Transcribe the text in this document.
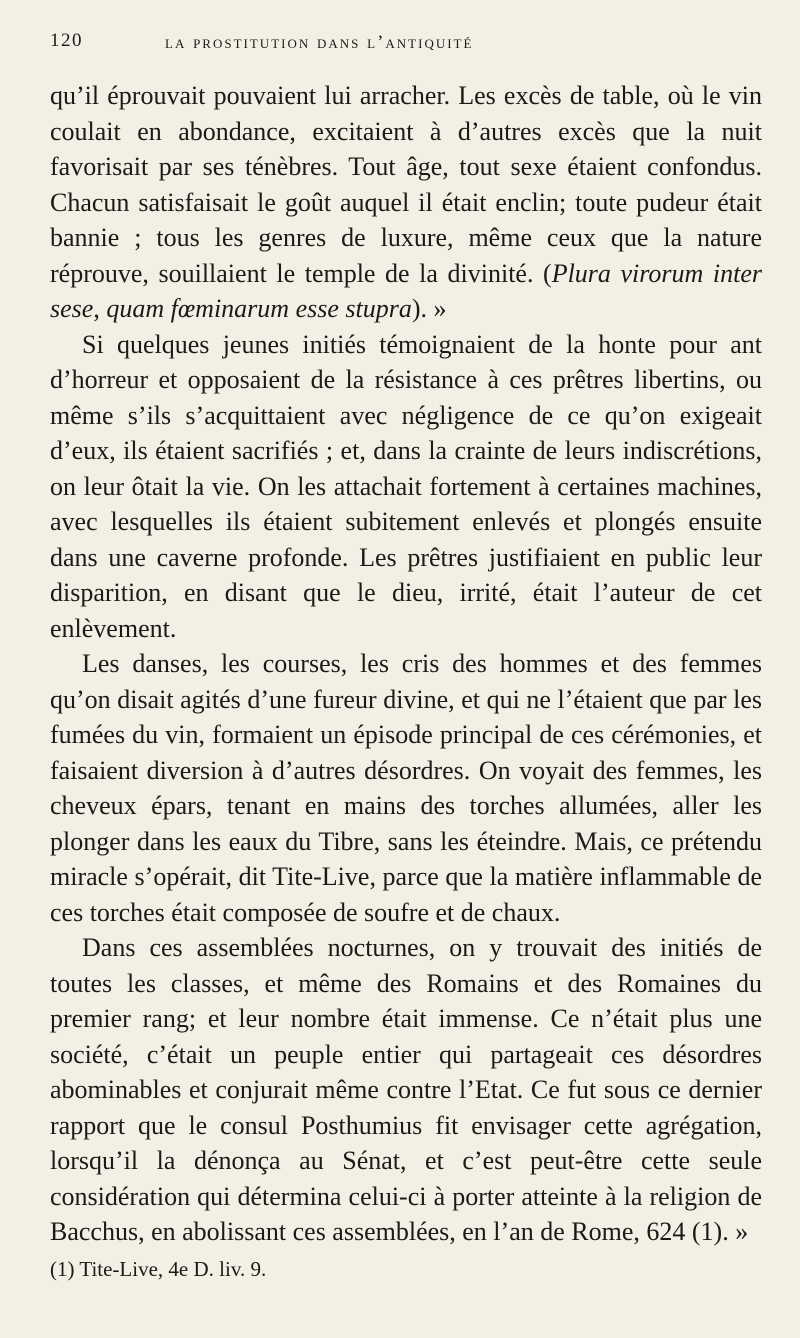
120	la prostitution dans l’antiquité

qu’il éprouvait pouvaient lui arracher. Les excès de table, où le vin coulait en abondance, excitaient à d’autres excès que la nuit favorisait par ses ténèbres. Tout âge, tout sexe étaient confondus. Chacun satisfaisait le goût auquel il était enclin; toute pudeur était bannie ; tous les genres de luxure, même ceux que la nature réprouve, souillaient le temple de la divinité. (Plura virorum inter sese, quam fœminarum esse stupra). »

Si quelques jeunes initiés témoignaient de la honte pour ant d’horreur et opposaient de la résistance à ces prêtres libertins, ou même s’ils s’acquittaient avec négligence de ce qu’on exigeait d’eux, ils étaient sacrifiés ; et, dans la crainte de leurs indiscrétions, on leur ôtait la vie. On les attachait fortement à certaines machines, avec lesquelles ils étaient subitement enlevés et plongés ensuite dans une caverne profonde. Les prêtres justifiaient en public leur disparition, en disant que le dieu, irrité, était l’auteur de cet enlèvement.

Les danses, les courses, les cris des hommes et des femmes qu’on disait agités d’une fureur divine, et qui ne l’étaient que par les fumées du vin, formaient un épisode principal de ces cérémonies, et faisaient diversion à d’autres désordres. On voyait des femmes, les cheveux épars, tenant en mains des torches allumées, aller les plonger dans les eaux du Tibre, sans les éteindre. Mais, ce prétendu miracle s’opérait, dit Tite-Live, parce que la matière inflammable de ces torches était composée de soufre et de chaux.

Dans ces assemblées nocturnes, on y trouvait des initiés de toutes les classes, et même des Romains et des Romaines du premier rang; et leur nombre était immense. Ce n’était plus une société, c’était un peuple entier qui partageait ces désordres abominables et conjurait même contre l’Etat. Ce fut sous ce dernier rapport que le consul Posthumius fit envisager cette agrégation, lorsqu’il la dénonça au Sénat, et c’est peut-être cette seule considération qui détermina celui-ci à porter atteinte à la religion de Bacchus, en abolissant ces assemblées, en l’an de Rome, 624 (1). »

(1) Tite-Live, 4e D. liv. 9.
